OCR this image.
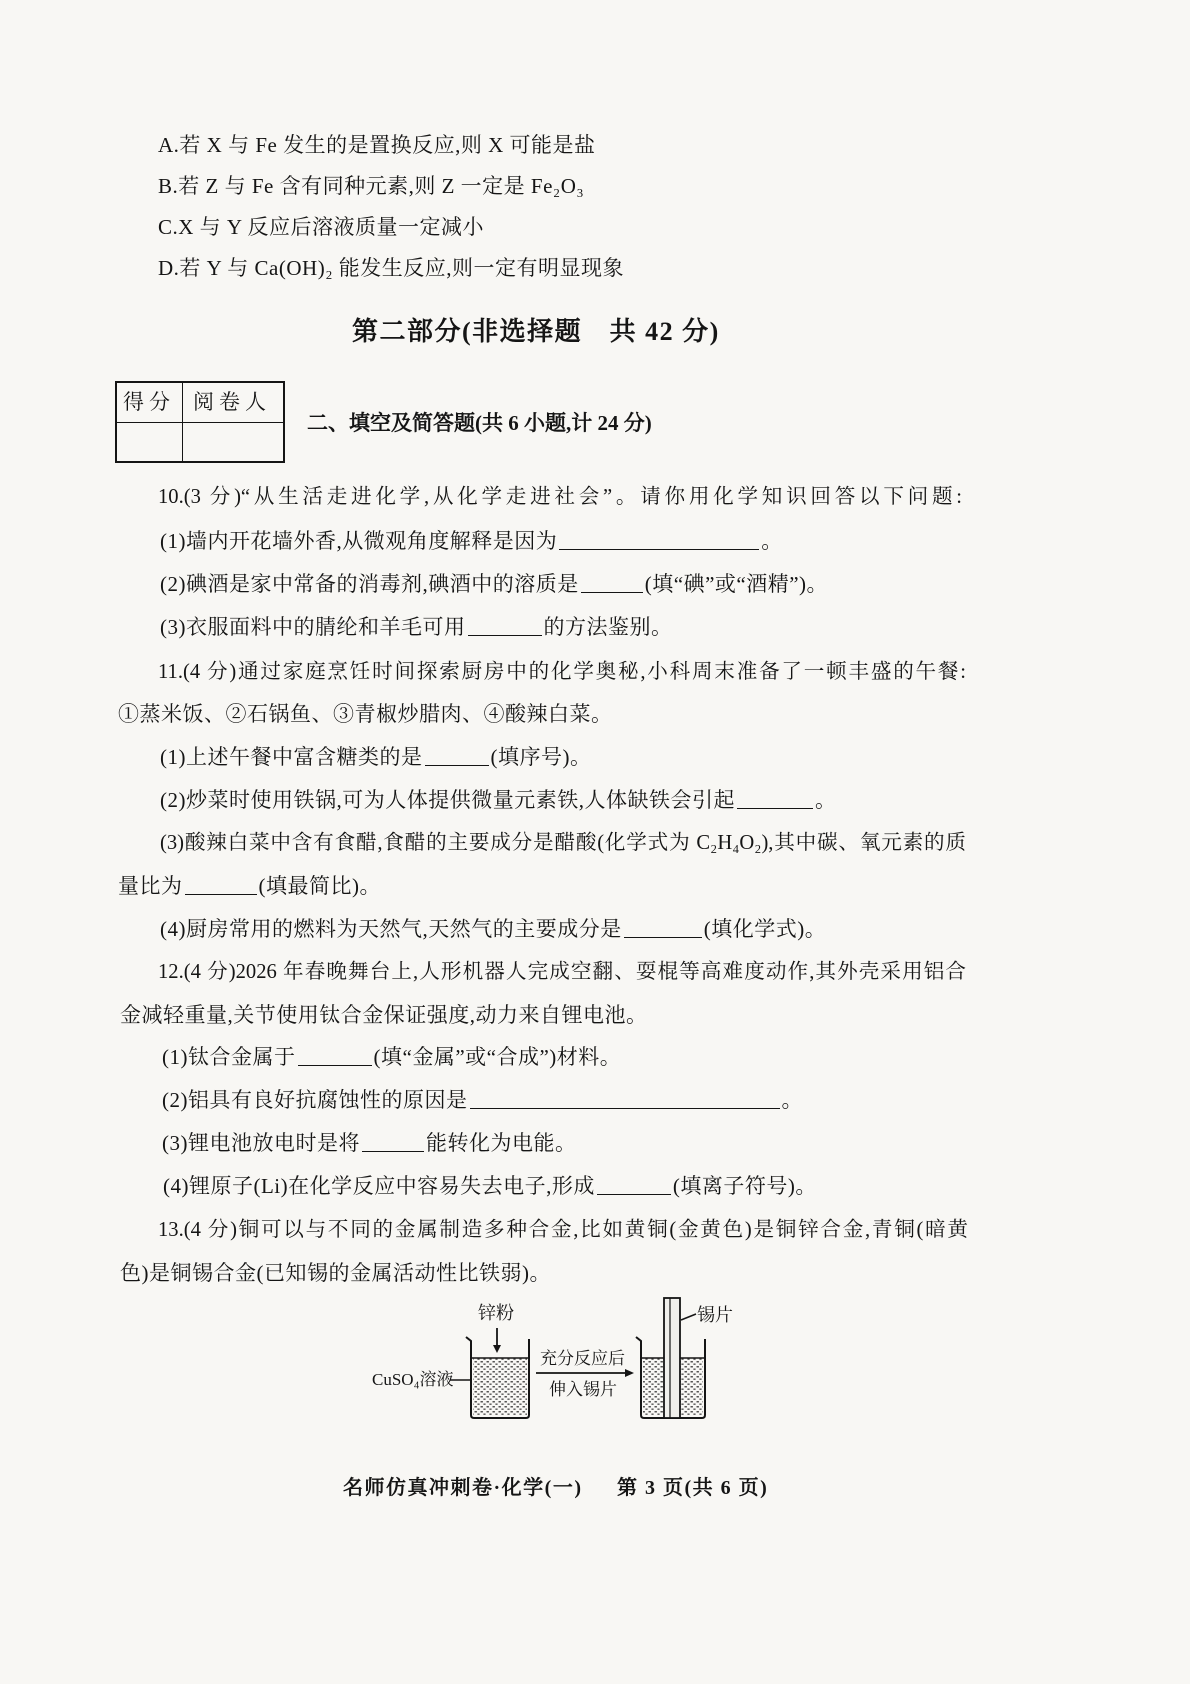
A.若 X 与 Fe 发生的是置换反应,则 X 可能是盐
B.若 Z 与 Fe 含有同种元素,则 Z 一定是 Fe₂O₃
C.X 与 Y 反应后溶液质量一定减小
D.若 Y 与 Ca(OH)₂ 能发生反应,则一定有明显现象
第二部分(非选择题　共 42 分)
得分 阅卷人
二、填空及简答题(共 6 小题,计 24 分)
10.(3 分)“从生活走进化学,从化学走进社会”。请你用化学知识回答以下问题:
(1)墙内开花墙外香,从微观角度解释是因为	。
(2)碘酒是家中常备的消毒剂,碘酒中的溶质是	(填“碘”或“酒精”)。
(3)衣服面料中的腈纶和羊毛可用	的方法鉴别。
11.(4 分)通过家庭烹饪时间探索厨房中的化学奥秘,小科周末准备了一顿丰盛的午餐:
①蒸米饭、②石锅鱼、③青椒炒腊肉、④酸辣白菜。
(1)上述午餐中富含糖类的是	(填序号)。
(2)炒菜时使用铁锅,可为人体提供微量元素铁,人体缺铁会引起	。
(3)酸辣白菜中含有食醋,食醋的主要成分是醋酸(化学式为 C₂H₄O₂),其中碳、氧元素的质
量比为	(填最简比)。
(4)厨房常用的燃料为天然气,天然气的主要成分是	(填化学式)。
12.(4 分)2026 年春晚舞台上,人形机器人完成空翻、耍棍等高难度动作,其外壳采用铝合
金减轻重量,关节使用钛合金保证强度,动力来自锂电池。
(1)钛合金属于	(填“金属”或“合成”)材料。
(2)铝具有良好抗腐蚀性的原因是	。
(3)锂电池放电时是将	能转化为电能。
(4)锂原子(Li)在化学反应中容易失去电子,形成	(填离子符号)。
13.(4 分)铜可以与不同的金属制造多种合金,比如黄铜(金黄色)是铜锌合金,青铜(暗黄
色)是铜锡合金(已知锡的金属活动性比铁弱)。
锌粉
CuSO₄溶液
充分反应后
伸入锡片
锡片
名师仿真冲刺卷·化学(一) 第 3 页(共 6 页)
